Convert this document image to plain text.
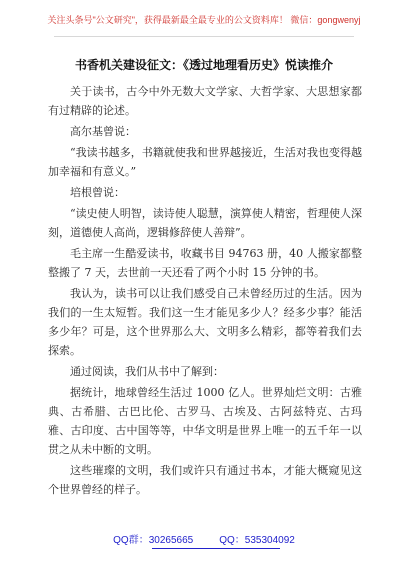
关注头条号"公文研究"，获得最新最全最专业的公文资料库！ 微信：gongwenyj
书香机关建设征文：《透过地理看历史》悦读推介

关于读书，古今中外无数大文学家、大哲学家、大思想家都有过精辟的论述。

高尔基曾说：

“我读书越多，书籍就使我和世界越接近，生活对我也变得越加幸福和有意义。”

培根曾说：

“读史使人明智，读诗使人聪慧，演算使人精密，哲理使人深刻，道德使人高尚，逻辑修辞使人善辩”。

毛主席一生酷爱读书，收藏书目 94763 册，40 人搬家都整整搬了 7 天，去世前一天还看了两个小时 15 分钟的书。

我认为，读书可以让我们感受自己未曾经历过的生活。因为我们的一生太短暂。我们这一生才能见多少人？经多少事？能活多少年？可是，这个世界那么大、文明多么精彩，都等着我们去探索。

通过阅读，我们从书中了解到：

据统计，地球曾经生活过 1000 亿人。世界灿烂文明：古雅典、古希腊、古巴比伦、古罗马、古埃及、古阿兹特克、古玛雅、古印度、古中国等等，中华文明是世界上唯一的五千年一以贯之从未中断的文明。

这些璀璨的文明，我们或许只有通过书本，才能大概窥见这个世界曾经的样子。

QQ群：30265665	QQ：535304092
